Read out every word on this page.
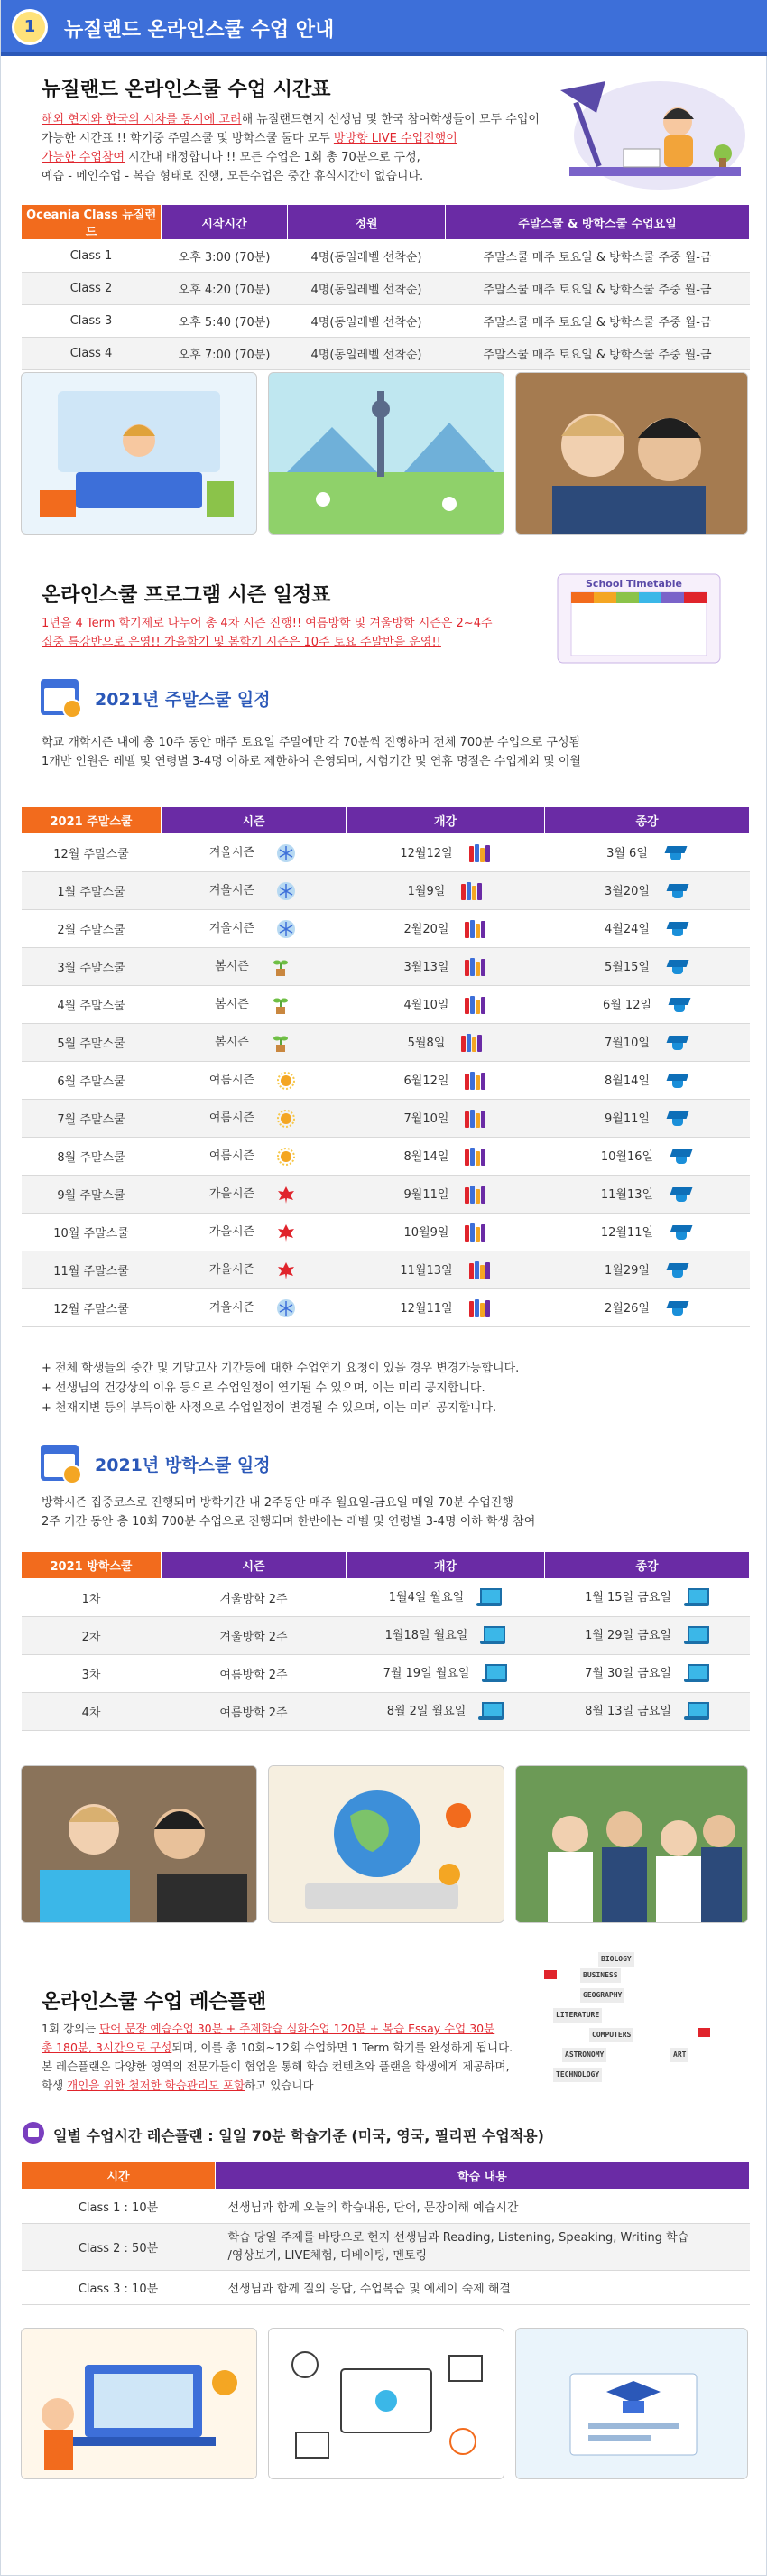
1	뉴질랜드 온라인스쿨 수업 안내
뉴질랜드 온라인스쿨 수업 시간표
해외 현지와 한국의 시차를 동시에 고려해 뉴질랜드현지 선생님 및 한국 참여학생들이 모두 수업이
가능한 시간표 !! 학기중 주말스쿨 및 방학스쿨 둘다 모두 방방향 LIVE 수업진행이
가능한 수업참여 시간대 배정합니다 !! 모든 수업은 1회 총 70분으로 구성,
예습 - 메인수업 - 복습 형태로 진행, 모든수업은 중간 휴식시간이 없습니다.
Oceania Class 뉴질랜드	시작시간	정원	주말스쿨 & 방학스쿨 수업요일
Class 1	오후 3:00 (70분)	4명(동일레벨 선착순)	주말스쿨 매주 토요일 & 방학스쿨 주중 월-금
Class 2	오후 4:20 (70분)	4명(동일레벨 선착순)	주말스쿨 매주 토요일 & 방학스쿨 주중 월-금
Class 3	오후 5:40 (70분)	4명(동일레벨 선착순)	주말스쿨 매주 토요일 & 방학스쿨 주중 월-금
Class 4	오후 7:00 (70분)	4명(동일레벨 선착순)	주말스쿨 매주 토요일 & 방학스쿨 주중 월-금
온라인스쿨 프로그램 시즌 일정표
1년을 4 Term 학기제로 나누어 총 4차 시즌 진행!! 여름방학 및 겨울방학 시즌은 2~4주
집중 특강반으로 운영!! 가을학기 및 봄학기 시즌은 10주 토요 주말반을 운영!!
School Timetable
2021년 주말스쿨 일정
학교 개학시즌 내에 총 10주 동안 매주 토요일 주말에만 각 70분씩 진행하며 전체 700분 수업으로 구성됨
1개반 인원은 레벨 및 연령별 3-4명 이하로 제한하여 운영되며, 시험기간 및 연휴 명절은 수업제외 및 이월
2021 주말스쿨	시즌	개강	종강
12월 주말스쿨	겨울시즌	12월12일	3월 6일
1월 주말스쿨	겨울시즌	1월9일	3월20일
2월 주말스쿨	겨울시즌	2월20일	4월24일
3월 주말스쿨	봄시즌	3월13일	5월15일
4월 주말스쿨	봄시즌	4월10일	6월 12일
5월 주말스쿨	봄시즌	5월8일	7월10일
6월 주말스쿨	여름시즌	6월12일	8월14일
7월 주말스쿨	여름시즌	7월10일	9월11일
8월 주말스쿨	여름시즌	8월14일	10월16일
9월 주말스쿨	가을시즌	9월11일	11월13일
10월 주말스쿨	가을시즌	10월9일	12월11일
11월 주말스쿨	가을시즌	11월13일	1월29일
12월 주말스쿨	겨울시즌	12월11일	2월26일
+ 전체 학생들의 중간 및 기말고사 기간등에 대한 수업연기 요청이 있을 경우 변경가능합니다.
+ 선생님의 건강상의 이유 등으로 수업일정이 연기될 수 있으며, 이는 미리 공지합니다.
+ 천재지변 등의 부득이한 사정으로 수업일정이 변경될 수 있으며, 이는 미리 공지합니다.
2021년 방학스쿨 일정
방학시즌 집중코스로 진행되며 방학기간 내 2주동안 매주 월요일-금요일 매일 70분 수업진행
2주 기간 동안 총 10회 700분 수업으로 진행되며 한반에는 레벨 및 연령별 3-4명 이하 학생 참여
2021 방학스쿨	시즌	개강	종강
1차	겨울방학 2주	1월4일 월요일	1월 15일 금요일
2차	겨울방학 2주	1월18일 월요일	1월 29일 금요일
3차	여름방학 2주	7월 19일 월요일	7월 30일 금요일
4차	여름방학 2주	8월 2일 월요일	8월 13일 금요일
온라인스쿨 수업 레슨플랜
1회 강의는 단어 문장 예습수업 30분 + 주제학습 심화수업 120분 + 복습 Essay 수업 30분
총 180분, 3시간으로 구성되며, 이를 총 10회~12회 수업하면 1 Term 학기를 완성하게 됩니다.
본 레슨플랜은 다양한 영역의 전문가들이 협업을 통해 학습 컨텐츠와 플랜을 학생에게 제공하며,
학생 개인을 위한 철저한 학습관리도 포함하고 있습니다
BIOLOGY
BUSINESS
GEOGRAPHY
LITERATURE
COMPUTERS
ASTRONOMY
TECHNOLOGY
ART
일별 수업시간 레슨플랜 : 일일 70분 학습기준 (미국, 영국, 필리핀 수업적용)
시간	학습 내용
Class 1 : 10분	선생님과 함께 오늘의 학습내용, 단어, 문장이해 예습시간
Class 2 : 50분	학습 당일 주제를 바탕으로 현지 선생님과 Reading, Listening, Speaking, Writing 학습
/영상보기, LIVE체험, 디베이팅, 멘토링
Class 3 : 10분	선생님과 함께 질의 응답, 수업복습 및 에세이 숙제 해결
